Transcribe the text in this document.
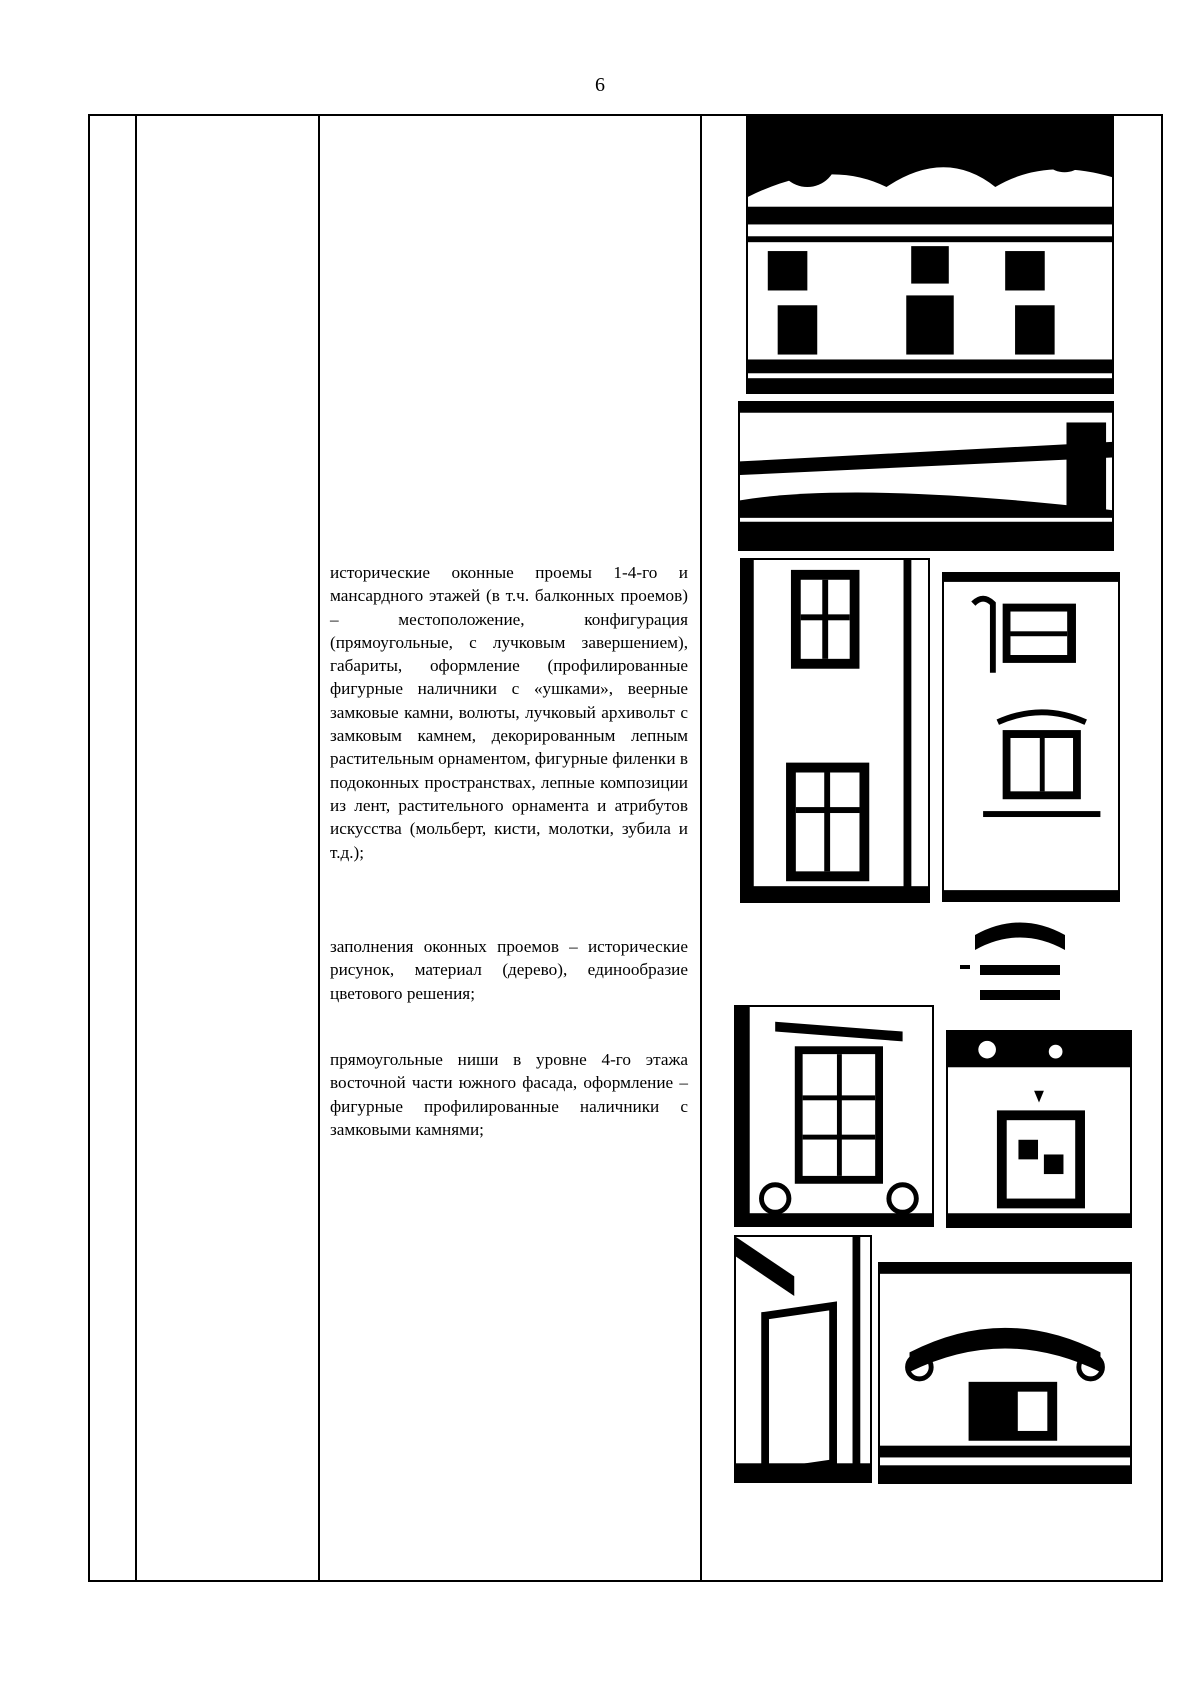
6

исторические оконные проемы 1-4-го и мансардного этажей (в т.ч. балконных проемов) – местоположение, конфигурация (прямоугольные, с лучковым завершением), габариты, оформление (профилированные фигурные наличники с «ушками», веерные замковые камни, волюты, лучковый архивольт с замковым камнем, декорированным лепным растительным орнаментом, фигурные филенки в подоконных пространствах, лепные композиции из лент, растительного орнамента и атрибутов искусства (мольберт, кисти, молотки, зубила и т.д.);

заполнения оконных проемов – исторические рисунок, материал (дерево), единообразие цветового решения;

прямоугольные ниши в уровне 4-го этажа восточной части южного фасада, оформление – фигурные профилированные наличники с замковыми камнями;
